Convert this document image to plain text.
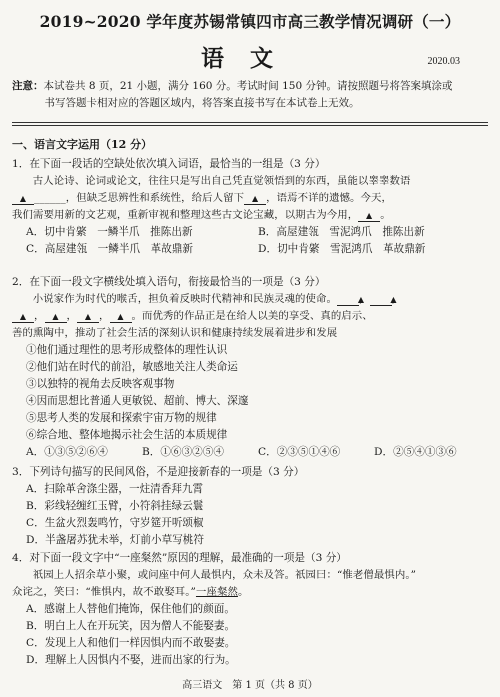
2019~2020 学年度苏锡常镇四市高三教学情况调研（一）
语文	2020.03
注意：本试卷共 8 页，21 小题，满分 160 分。考试时间 150 分钟。请按照题号将答案填涂或
书写答题卡相对应的答题区域内，将答案直接书写在本试卷上无效。
一、语言文字运用（12 分）
1．在下面一段话的空缺处依次填入词语，最恰当的一组是（3 分）
古人论诗、论词或论文，往往只是写出自己凭直觉领悟到的东西，虽能以睾睾数语
▲______，但缺乏思辨性和系统性，给后人留下 ▲ ，语焉不详的遗憾。今天，
我们需要用新的文艺观，重新审视和整理这些古文论宝藏，以期古为今用， ▲ 。
A．切中肯綮　一鳞半爪　推陈出新	B．高屋建瓴　雪泥鸿爪　推陈出新
C．高屋建瓴　一鳞半爪　革故鼎新	D．切中肯綮　雪泥鸿爪　革故鼎新
2．在下面一段文字横线处填入语句，衔接最恰当的一项是（3 分）
小说家作为时代的喉舌，担负着反映时代精神和民族灵魂的使命。 ▲ ， ▲ ，
▲， ▲ ， ▲ ， ▲ 。而优秀的作品正是在给人以美的享受、真的启示、
善的熏陶中，推动了社会生活的深刻认识和健康持续发展着进步和发展
①他们通过理性的思考形成整体的理性认识
②他们站在时代的前沿，敏感地关注人类命运
③以独特的视角去反映客观事物
④因而思想比普通人更敏锐、超前、博大、深邃
⑤思考人类的发展和探索宇宙万物的规律
⑥综合地、整体地揭示社会生活的本质规律
A．①③⑤②⑥④	B．①⑥③②⑤④	C．②③⑤①④⑥	D．②⑤④①③⑥
3．下列诗句描写的民间风俗，不是迎接新春的一项是（3 分）
A．扫除革舍涤尘器，一炷清香拜九霄
B．彩线轻缠红玉臂，小符斜挂绿云鬟
C．生盆火烈轰鸣竹，守岁筵开听颂椒
D．半盏屠苏犹未举，灯前小草写桃符
4．对下面一段文字中“一座粲然”原因的理解，最准确的一项是（3 分）
祇园上人招余草小聚，或问座中何人最惧内，众未及答。祇园曰：“惟老僧最惧内。”
众诧之，笑曰：“惟惧内，故不敢娶耳。”一座粲然。
A．感谢上人替他们掩饰，保住他们的颜面。
B．明白上人在开玩笑，因为僧人不能娶妻。
C．发现上人和他们一样因惧内而不敢娶妻。
D．理解上人因惧内不娶，进而出家的行为。
高三语文　第 1 页（共 8 页）
